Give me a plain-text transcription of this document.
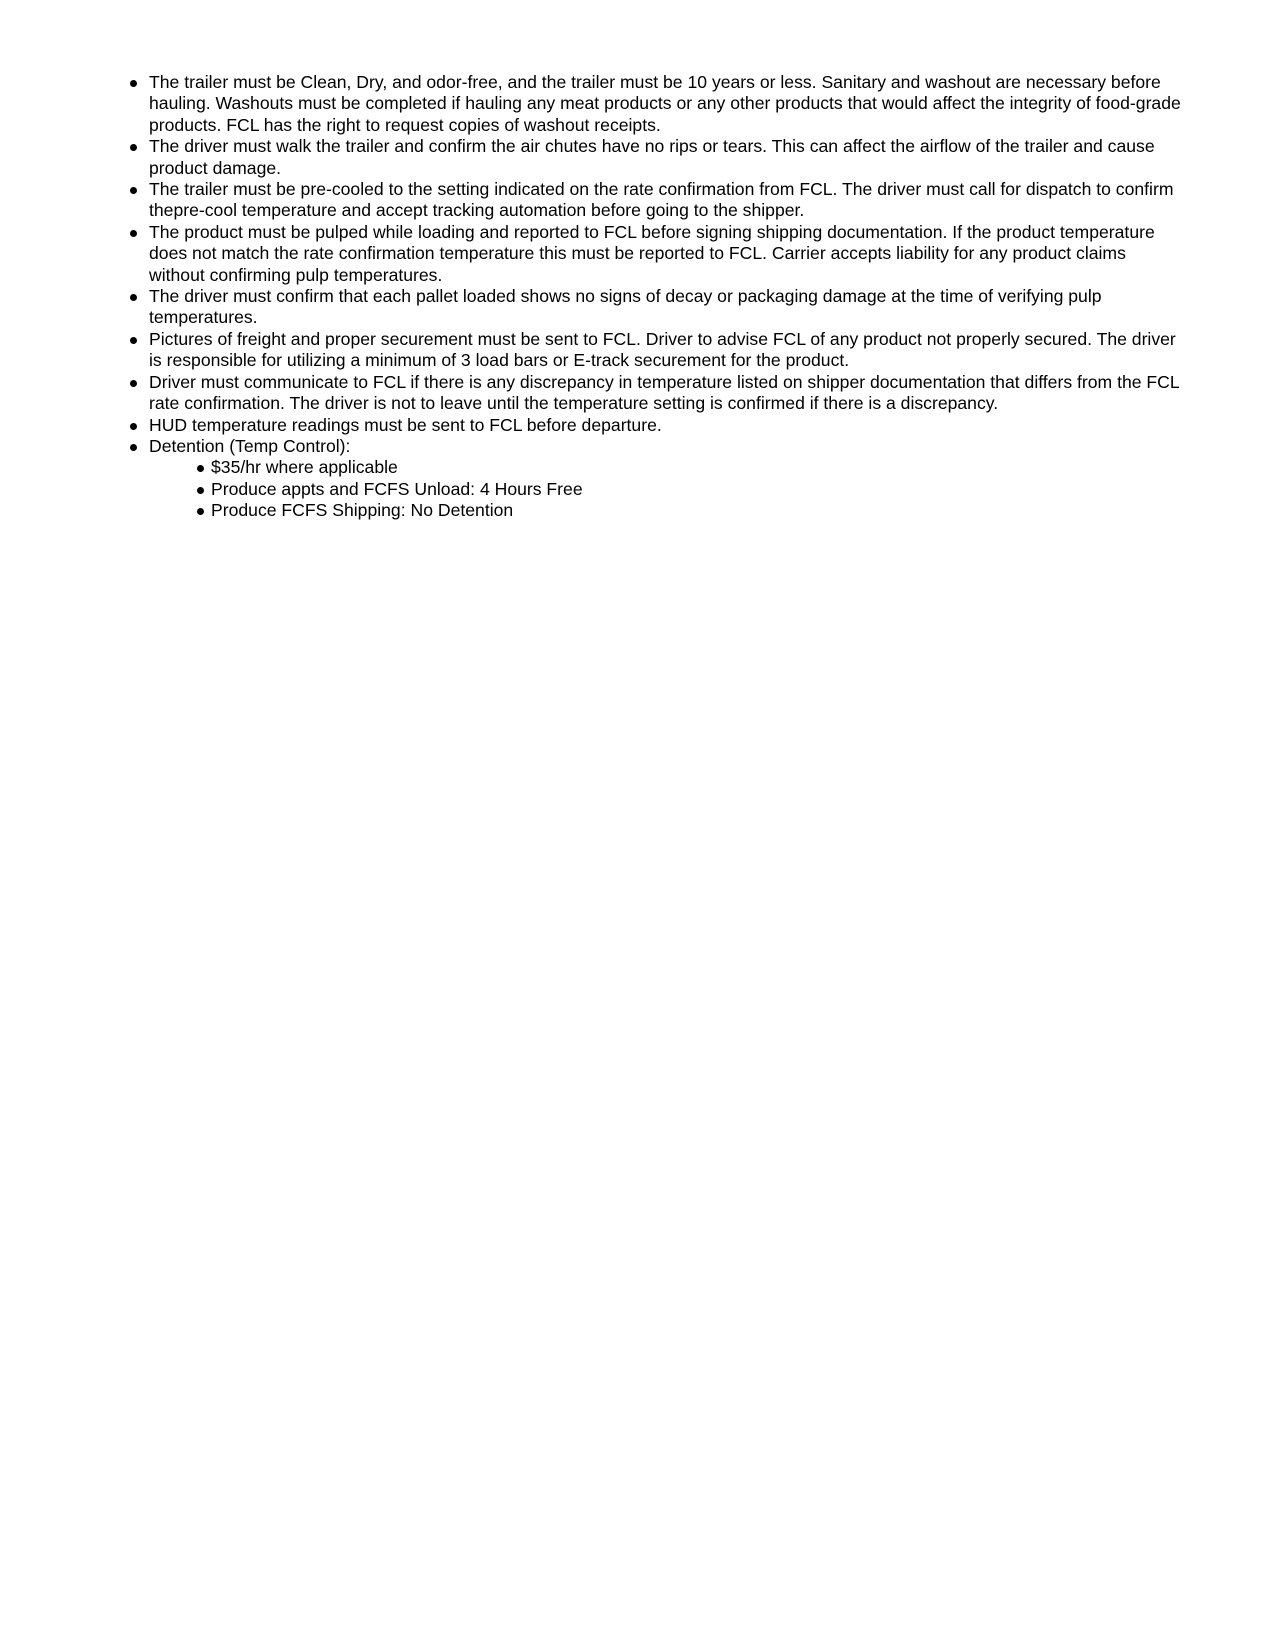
The trailer must be Clean, Dry, and odor-free, and the trailer must be 10 years or less. Sanitary and washout are necessary before hauling. Washouts must be completed if hauling any meat products or any other products that would affect the integrity of food-grade products. FCL has the right to request copies of washout receipts.
The driver must walk the trailer and confirm the air chutes have no rips or tears. This can affect the airflow of the trailer and cause product damage.
The trailer must be pre-cooled to the setting indicated on the rate confirmation from FCL. The driver must call for dispatch to confirm thepre-cool temperature and accept tracking automation before going to the shipper.
The product must be pulped while loading and reported to FCL before signing shipping documentation. If the product temperature does not match the rate confirmation temperature this must be reported to FCL. Carrier accepts liability for any product claims without confirming pulp temperatures.
The driver must confirm that each pallet loaded shows no signs of decay or packaging damage at the time of verifying pulp temperatures.
Pictures of freight and proper securement must be sent to FCL. Driver to advise FCL of any product not properly secured. The driver is responsible for utilizing a minimum of 3 load bars or E-track securement for the product.
Driver must communicate to FCL if there is any discrepancy in temperature listed on shipper documentation that differs from the FCL rate confirmation. The driver is not to leave until the temperature setting is confirmed if there is a discrepancy.
HUD temperature readings must be sent to FCL before departure.
Detention (Temp Control):
$35/hr where applicable
Produce appts and FCFS Unload: 4 Hours Free
Produce FCFS Shipping: No Detention
